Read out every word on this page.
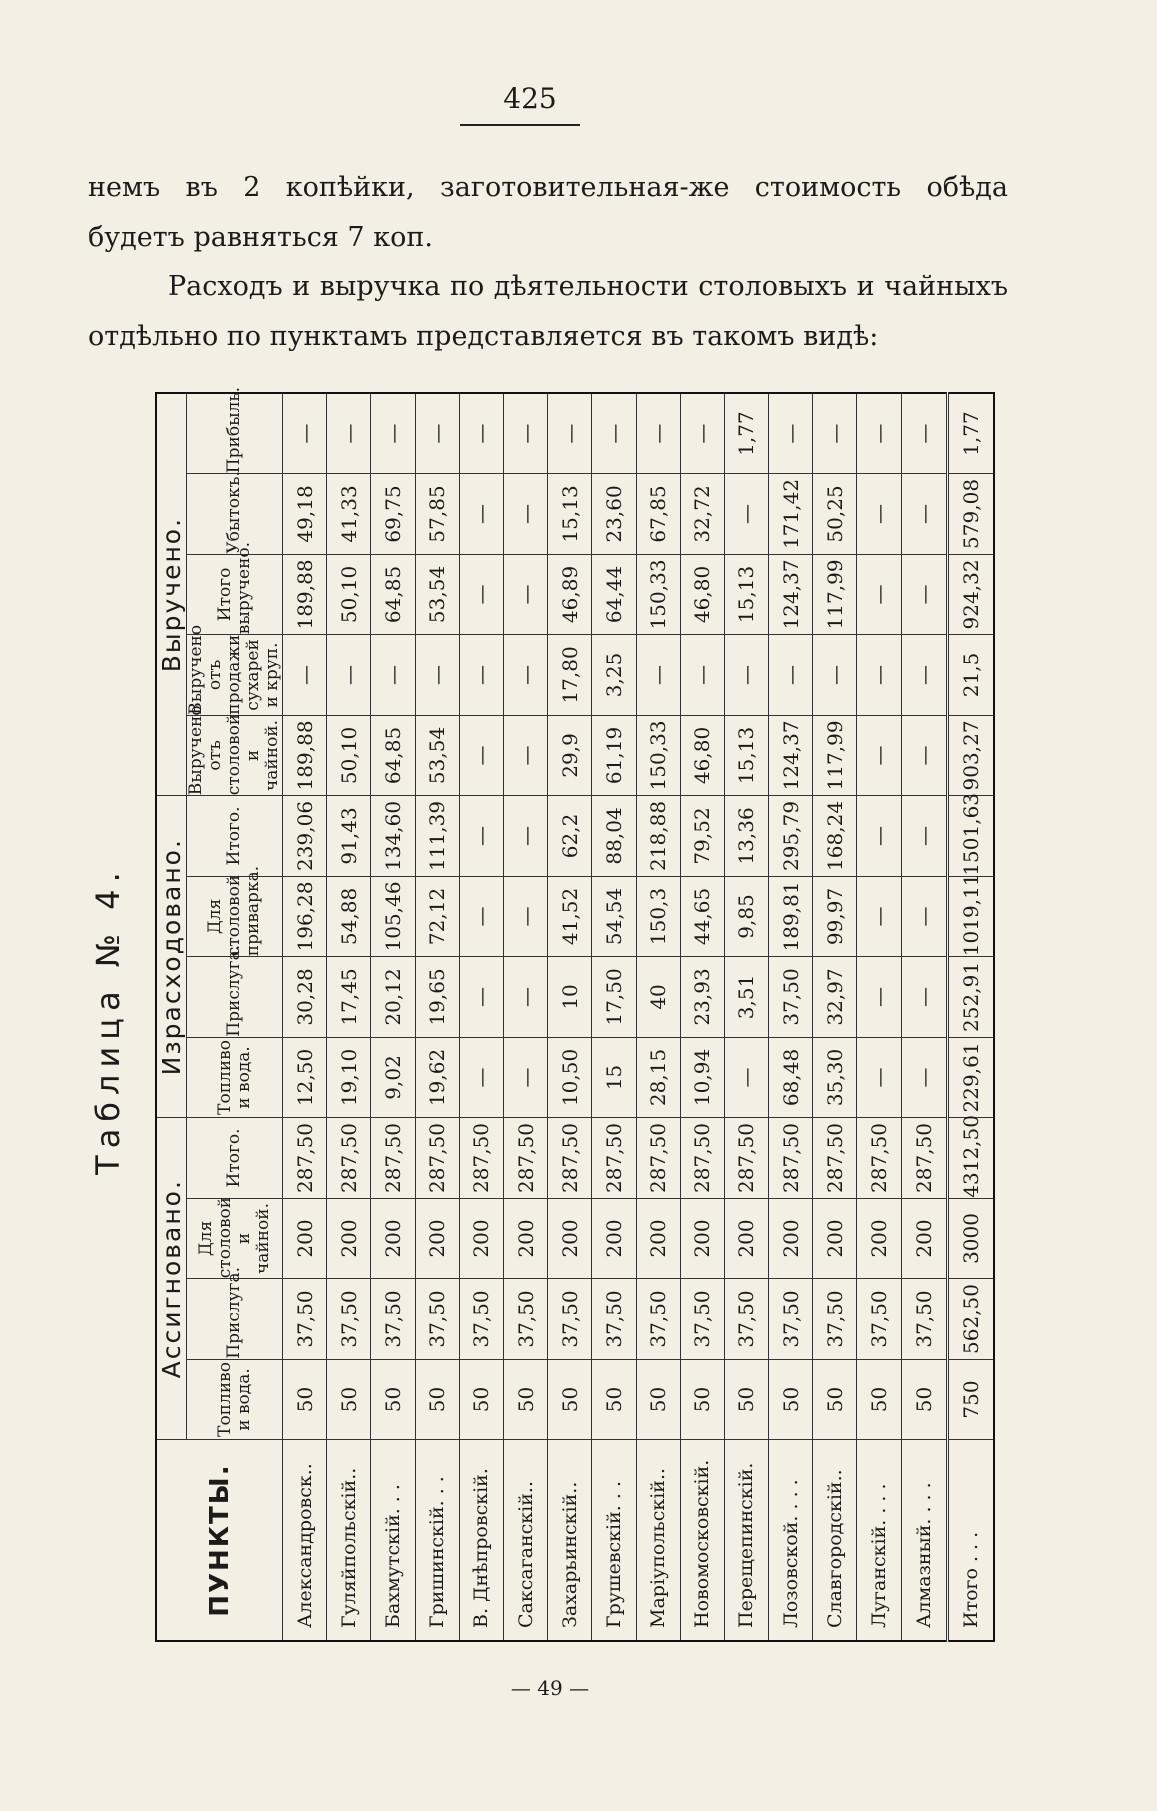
425
немъ въ 2 копѣйки, заготовительная-же стоимость обѣда будетъ равняться 7 коп.
Расходъ и выручка по дѣятельности столовыхъ и чайныхъ отдѣльно по пунктамъ представляется въ такомъ видѣ:
Таблица № 4.
ПУНКТЫ.	Ассигновано.				Израсходовано.				Выручено.				
	Топливо и вода.	Прислуга.	Для столовой и чайной.	Итого.	Топливо и вода.	Прислуга.	Для столовой приварка.	Итого.	Выручено отъ столовой и чайной.	Выручено отъ продажи сухарей и круп.	Итого выручено.	Убытокъ.	Прибыль.
Александровск..	50	37,50	200	287,50	12,50	30,28	196,28	239,06	189,88	—	189,88	49,18	—
Гуляйпольскій..	50	37,50	200	287,50	19,10	17,45	54,88	91,43	50,10	—	50,10	41,33	—
Бахмутскій. . .	50	37,50	200	287,50	9,02	20,12	105,46	134,60	64,85	—	64,85	69,75	—
Гришинскій. . .	50	37,50	200	287,50	19,62	19,65	72,12	111,39	53,54	—	53,54	57,85	—
В. Днѣпровскій.	50	37,50	200	287,50	—	—	—	—	—	—	—	—	—
Саксаганскій..	50	37,50	200	287,50	—	—	—	—	—	—	—	—	—
Захарьинскій..	50	37,50	200	287,50	10,50	10	41,52	62,2	29,9	17,80	46,89	15,13	—
Грушевскій. . .	50	37,50	200	287,50	15	17,50	54,54	88,04	61,19	3,25	64,44	23,60	—
Маріупольскій..	50	37,50	200	287,50	28,15	40	150,3	218,88	150,33	—	150,33	67,85	—
Новомосковскій.	50	37,50	200	287,50	10,94	23,93	44,65	79,52	46,80	—	46,80	32,72	—
Перещепинскій.	50	37,50	200	287,50	—	3,51	9,85	13,36	15,13	—	15,13	—	1,77
Лозовской. . . .	50	37,50	200	287,50	68,48	37,50	189,81	295,79	124,37	—	124,37	171,42	—
Славгородскій..	50	37,50	200	287,50	35,30	32,97	99,97	168,24	117,99	—	117,99	50,25	—
Луганскій. . . .	50	37,50	200	287,50	—	—	—	—	—	—	—	—	—
Алмазный. . . .	50	37,50	200	287,50	—	—	—	—	—	—	—	—	—
Итого . . .	750	562,50	3000	4312,50	229,61	252,91	1019,11	1501,63	903,27	21,5	924,32	579,08	1,77
— 49 —
